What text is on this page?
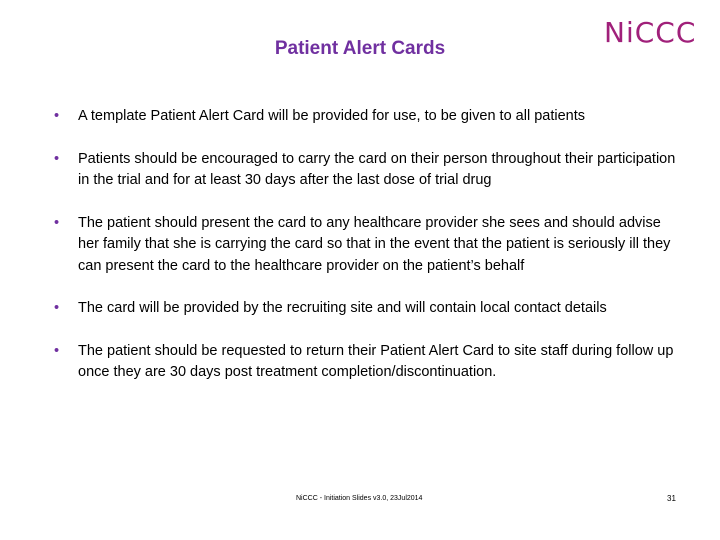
Patient Alert Cards	NiCCC
• A template Patient Alert Card will be provided for use, to be given to all patients
• Patients should be encouraged to carry the card on their person throughout their participation in the trial and for at least 30 days after the last dose of trial drug
• The patient should present the card to any healthcare provider she sees and should advise her family that she is carrying the card so that in the event that the patient is seriously ill they can present the card to the healthcare provider on the patient’s behalf
• The card will be provided by the recruiting site and will contain local contact details
• The patient should be requested to return their Patient Alert Card to site staff during follow up once they are 30 days post treatment completion/discontinuation.
NiCCC - Initiation Slides v3.0, 23Jul2014	31
